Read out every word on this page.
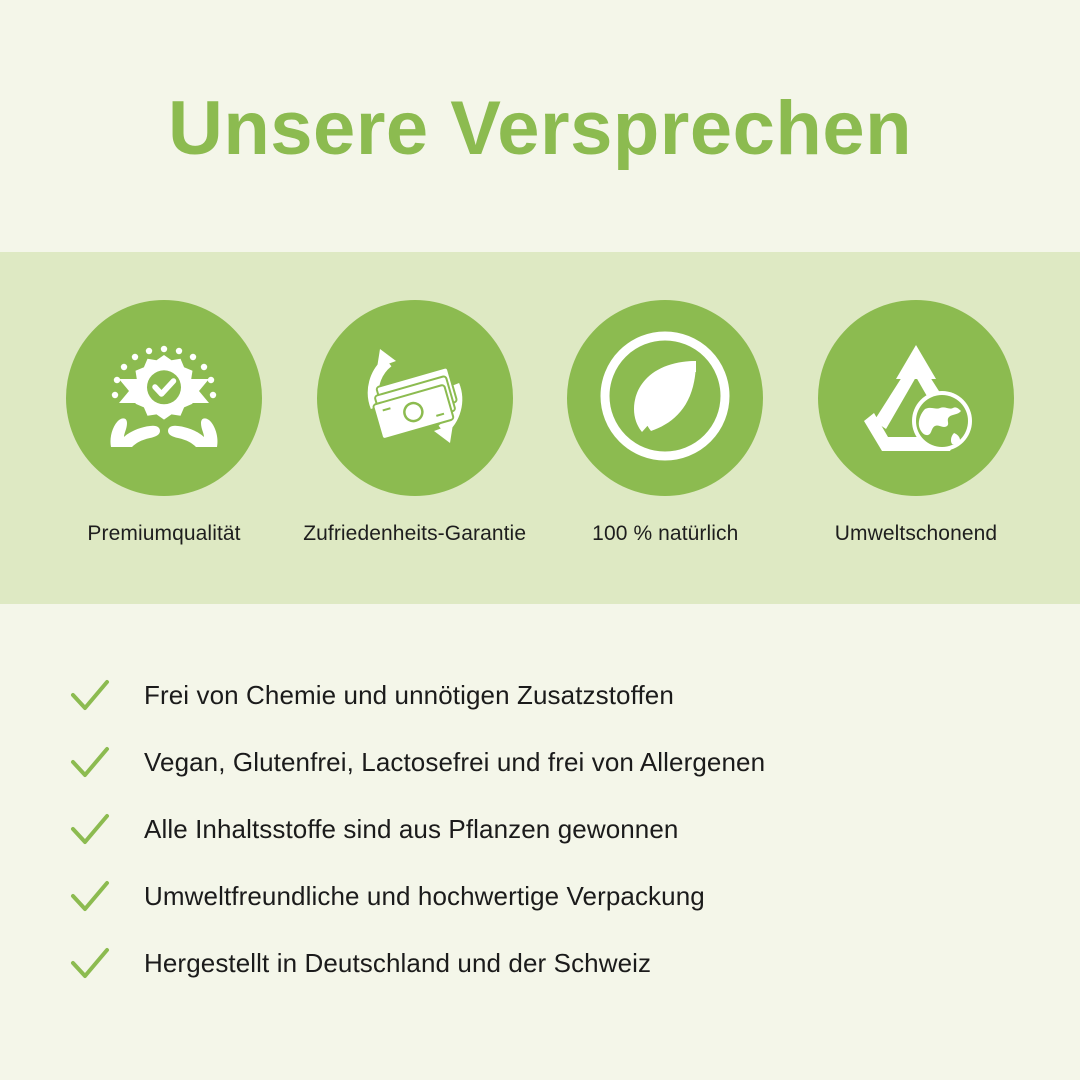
Unsere Versprechen
Premiumqualität	Zufriedenheits-Garantie	100 % natürlich	Umweltschonend
Frei von Chemie und unnötigen Zusatzstoffen
Vegan, Glutenfrei, Lactosefrei und frei von Allergenen
Alle Inhaltsstoffe sind aus Pflanzen gewonnen
Umweltfreundliche und hochwertige Verpackung
Hergestellt in Deutschland und der Schweiz
